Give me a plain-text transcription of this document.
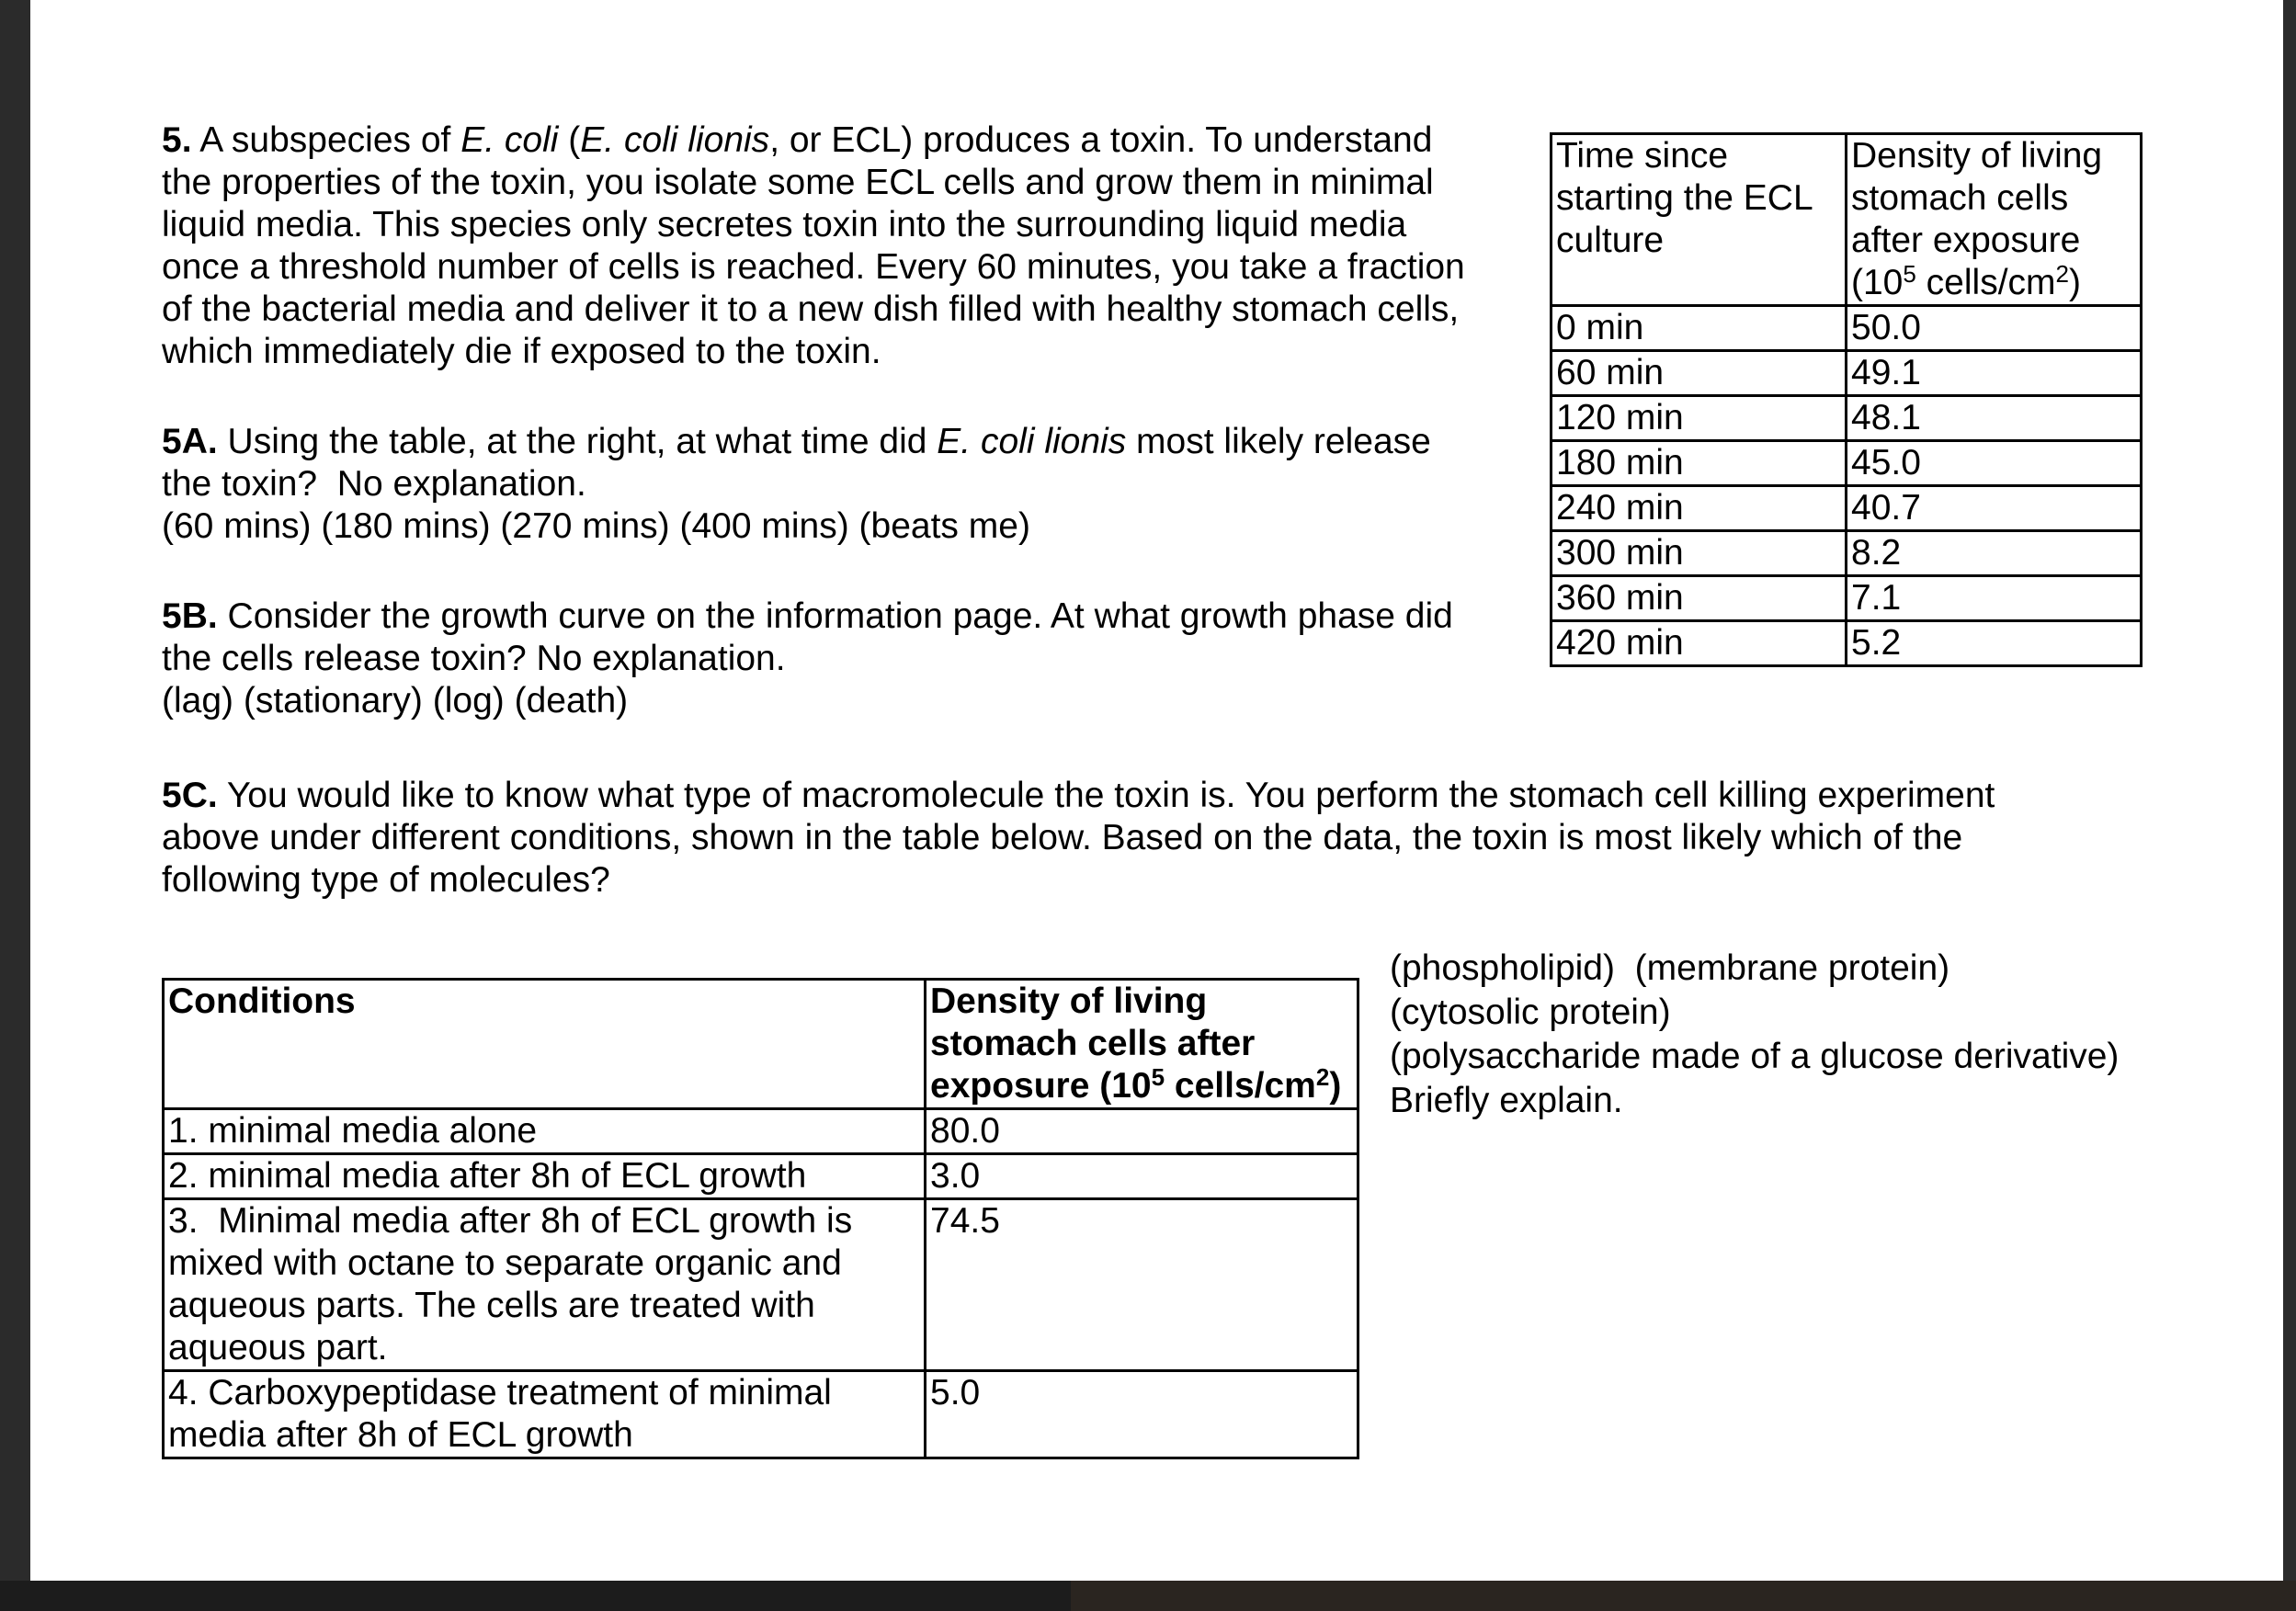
5. A subspecies of E. coli (E. coli lionis, or ECL) produces a toxin. To understand
the properties of the toxin, you isolate some ECL cells and grow them in minimal
liquid media. This species only secretes toxin into the surrounding liquid media
once a threshold number of cells is reached. Every 60 minutes, you take a fraction
of the bacterial media and deliver it to a new dish filled with healthy stomach cells,
which immediately die if exposed to the toxin.
5A. Using the table, at the right, at what time did E. coli lionis most likely release
the toxin?  No explanation.
(60 mins) (180 mins) (270 mins) (400 mins) (beats me)
5B. Consider the growth curve on the information page. At what growth phase did
the cells release toxin? No explanation.
(lag) (stationary) (log) (death)
5C. You would like to know what type of macromolecule the toxin is. You perform the stomach cell killing experiment
above under different conditions, shown in the table below. Based on the data, the toxin is most likely which of the
following type of molecules?
Time since
starting the ECL
culture	Density of living
stomach cells
after exposure
($10^5$ cells/$cm^2$)
0 min	50.0
60 min	49.1
120 min	48.1
180 min	45.0
240 min	40.7
300 min	8.2
360 min	7.1
420 min	5.2
Conditions	Density of living
stomach cells after
exposure ($10^5$ cells/$cm^2$)
1. minimal media alone	80.0
2. minimal media after 8h of ECL growth	3.0
3.  Minimal media after 8h of ECL growth is
mixed with octane to separate organic and
aqueous parts. The cells are treated with
aqueous part.	74.5
4. Carboxypeptidase treatment of minimal
media after 8h of ECL growth	5.0
(phospholipid)  (membrane protein)
(cytosolic protein)
(polysaccharide made of a glucose derivative)
Briefly explain.
